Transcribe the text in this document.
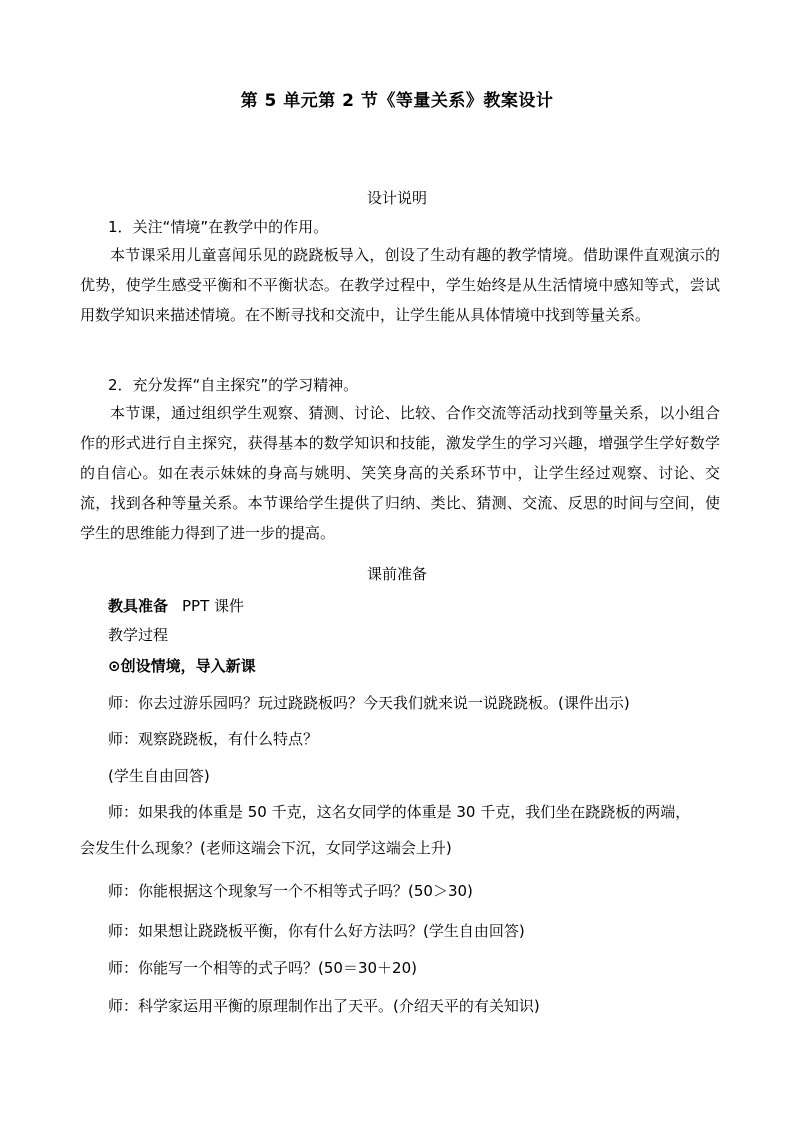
第 5 单元第 2 节《等量关系》教案设计
设计说明
1．关注“情境”在教学中的作用。
本节课采用儿童喜闻乐见的跷跷板导入，创设了生动有趣的教学情境。借助课件直观演示的优势，使学生感受平衡和不平衡状态。在教学过程中，学生始终是从生活情境中感知等式，尝试用数学知识来描述情境。在不断寻找和交流中，让学生能从具体情境中找到等量关系。
2．充分发挥“自主探究”的学习精神。
本节课，通过组织学生观察、猜测、讨论、比较、合作交流等活动找到等量关系，以小组合作的形式进行自主探究，获得基本的数学知识和技能，激发学生的学习兴趣，增强学生学好数学的自信心。如在表示妹妹的身高与姚明、笑笑身高的关系环节中，让学生经过观察、讨论、交流，找到各种等量关系。本节课给学生提供了归纳、类比、猜测、交流、反思的时间与空间，使学生的思维能力得到了进一步的提高。
课前准备
教具准备 PPT 课件
教学过程
⊙创设情境，导入新课
师：你去过游乐园吗？玩过跷跷板吗？今天我们就来说一说跷跷板。(课件出示)
师：观察跷跷板，有什么特点？
(学生自由回答)
师：如果我的体重是 50 千克，这名女同学的体重是 30 千克，我们坐在跷跷板的两端，
会发生什么现象？(老师这端会下沉，女同学这端会上升)
师：你能根据这个现象写一个不相等式子吗？(50＞30)
师：如果想让跷跷板平衡，你有什么好方法吗？(学生自由回答)
师：你能写一个相等的式子吗？(50＝30＋20)
师：科学家运用平衡的原理制作出了天平。(介绍天平的有关知识)
